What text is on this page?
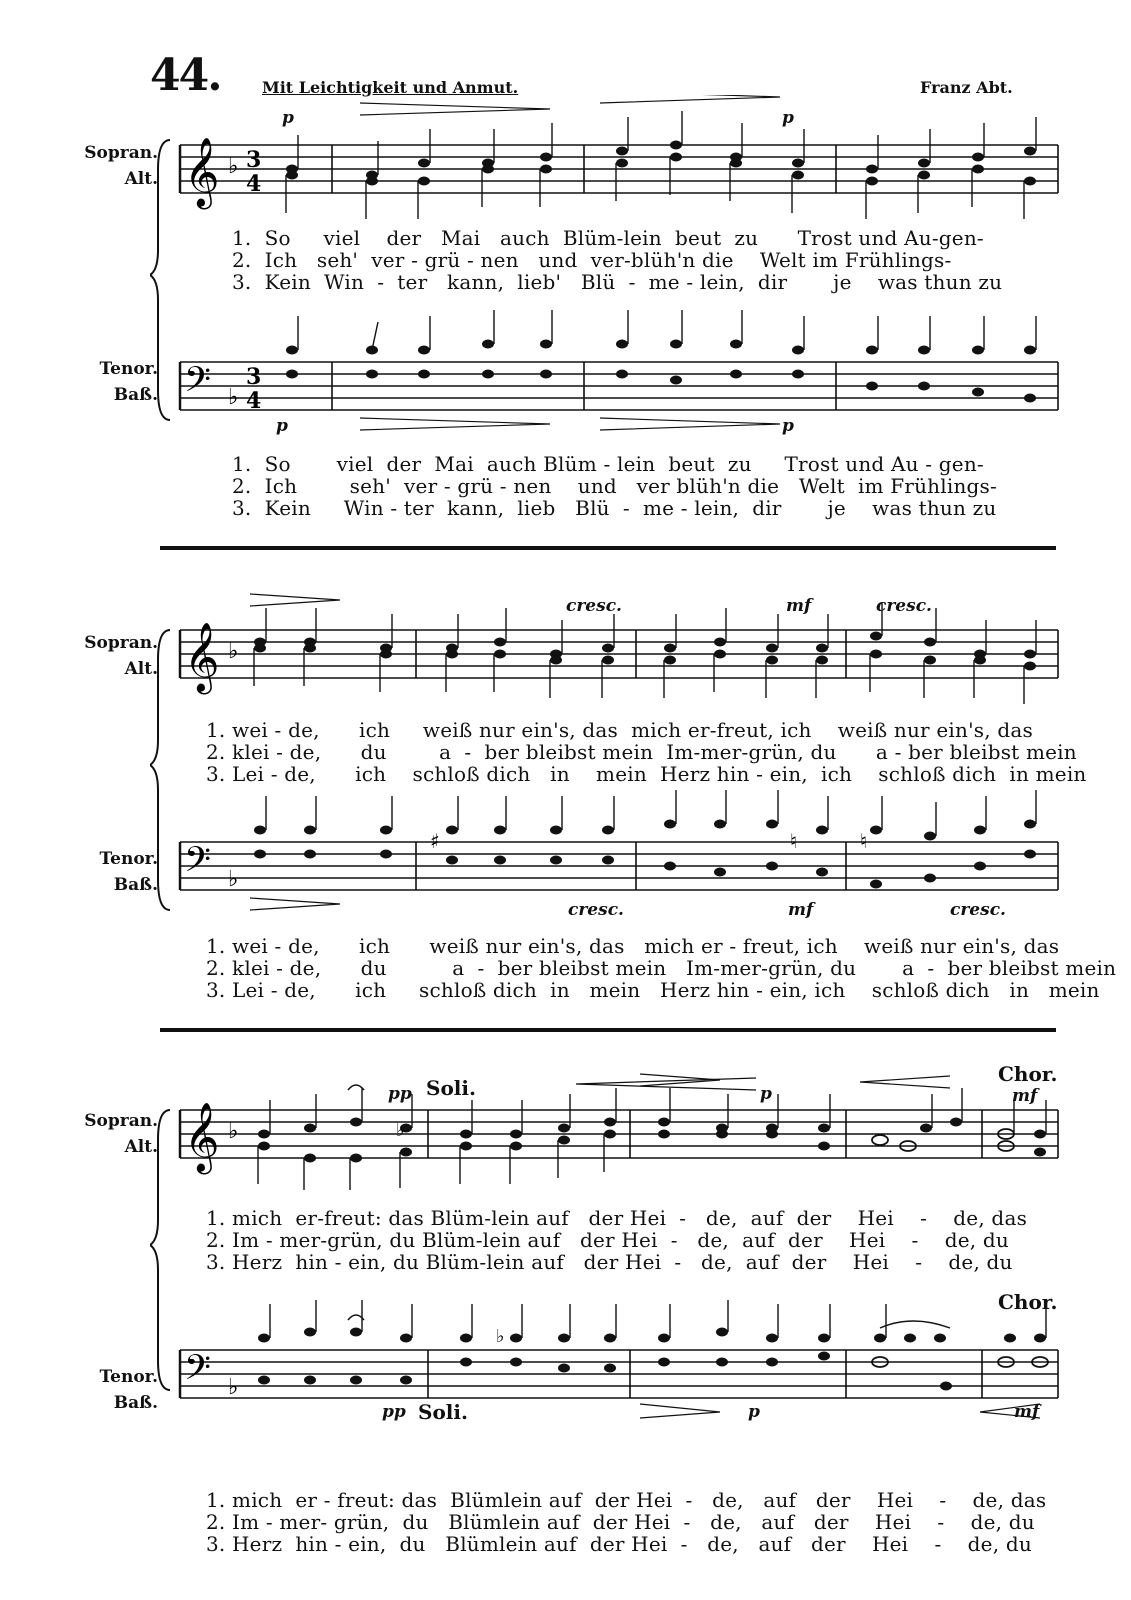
44.	Mit Leichtigkeit und Anmut.	Franz Abt.
Sopran.
Alt.
Tenor.
Baß.
𝄞 ♭ 3
4
𝄢 ♭
3
4
p	p
p	p
1.  So     viel    der   Mai   auch  Blüm-lein  beut  zu      Trost und Au-gen-
2.  Ich   seh'  ver - grü - nen   und  ver-blüh'n die    Welt im Frühlings-
3.  Kein  Win  -  ter   kann,  lieb'   Blü  -  me - lein,  dir       je    was thun zu
1.  So       viel  der  Mai  auch Blüm - lein  beut  zu     Trost und Au - gen-
2.  Ich        seh'  ver - grü - nen    und   ver blüh'n die   Welt  im Frühlings-
3.  Kein     Win - ter  kann,  lieb   Blü  -  me - lein,  dir       je    was thun zu
Sopran.
Alt.
Tenor.
Baß.
𝄞 ♭
𝄢 ♭
♯	♮	♮
cresc.	mf	cresc.
cresc.	mf	cresc.
1. wei - de,      ich     weiß nur ein's, das  mich er-freut, ich    weiß nur ein's, das
2. klei - de,      du        a  -  ber bleibst mein  Im-mer-grün, du      a - ber bleibst mein
3. Lei - de,      ich    schloß dich   in    mein  Herz hin - ein,  ich    schloß dich  in mein
1. wei - de,      ich      weiß nur ein's, das   mich er - freut, ich    weiß nur ein's, das
2. klei - de,      du          a  -  ber bleibst mein   Im-mer-grün, du       a  -  ber bleibst mein
3. Lei - de,      ich     schloß dich  in   mein   Herz hin - ein, ich    schloß dich   in   mein
Sopran.
Alt.
Tenor.
Baß.
𝄞 ♭	♭
𝄢 ♭
♭
pp Soli.	p
Chor.
mf
Chor.
pp Soli.	p	mf
1. mich  er-freut: das Blüm-lein auf   der Hei  -   de,  auf  der    Hei    -    de, das
2. Im - mer-grün, du Blüm-lein auf   der Hei  -   de,  auf  der    Hei    -    de, du
3. Herz  hin - ein, du Blüm-lein auf   der Hei  -   de,  auf  der    Hei    -    de, du
1. mich  er - freut: das  Blümlein auf  der Hei  -   de,   auf   der    Hei    -    de, das
2. Im - mer- grün,  du   Blümlein auf  der Hei  -   de,   auf   der    Hei    -    de, du
3. Herz  hin - ein,  du   Blümlein auf  der Hei  -   de,   auf   der    Hei    -    de, du
